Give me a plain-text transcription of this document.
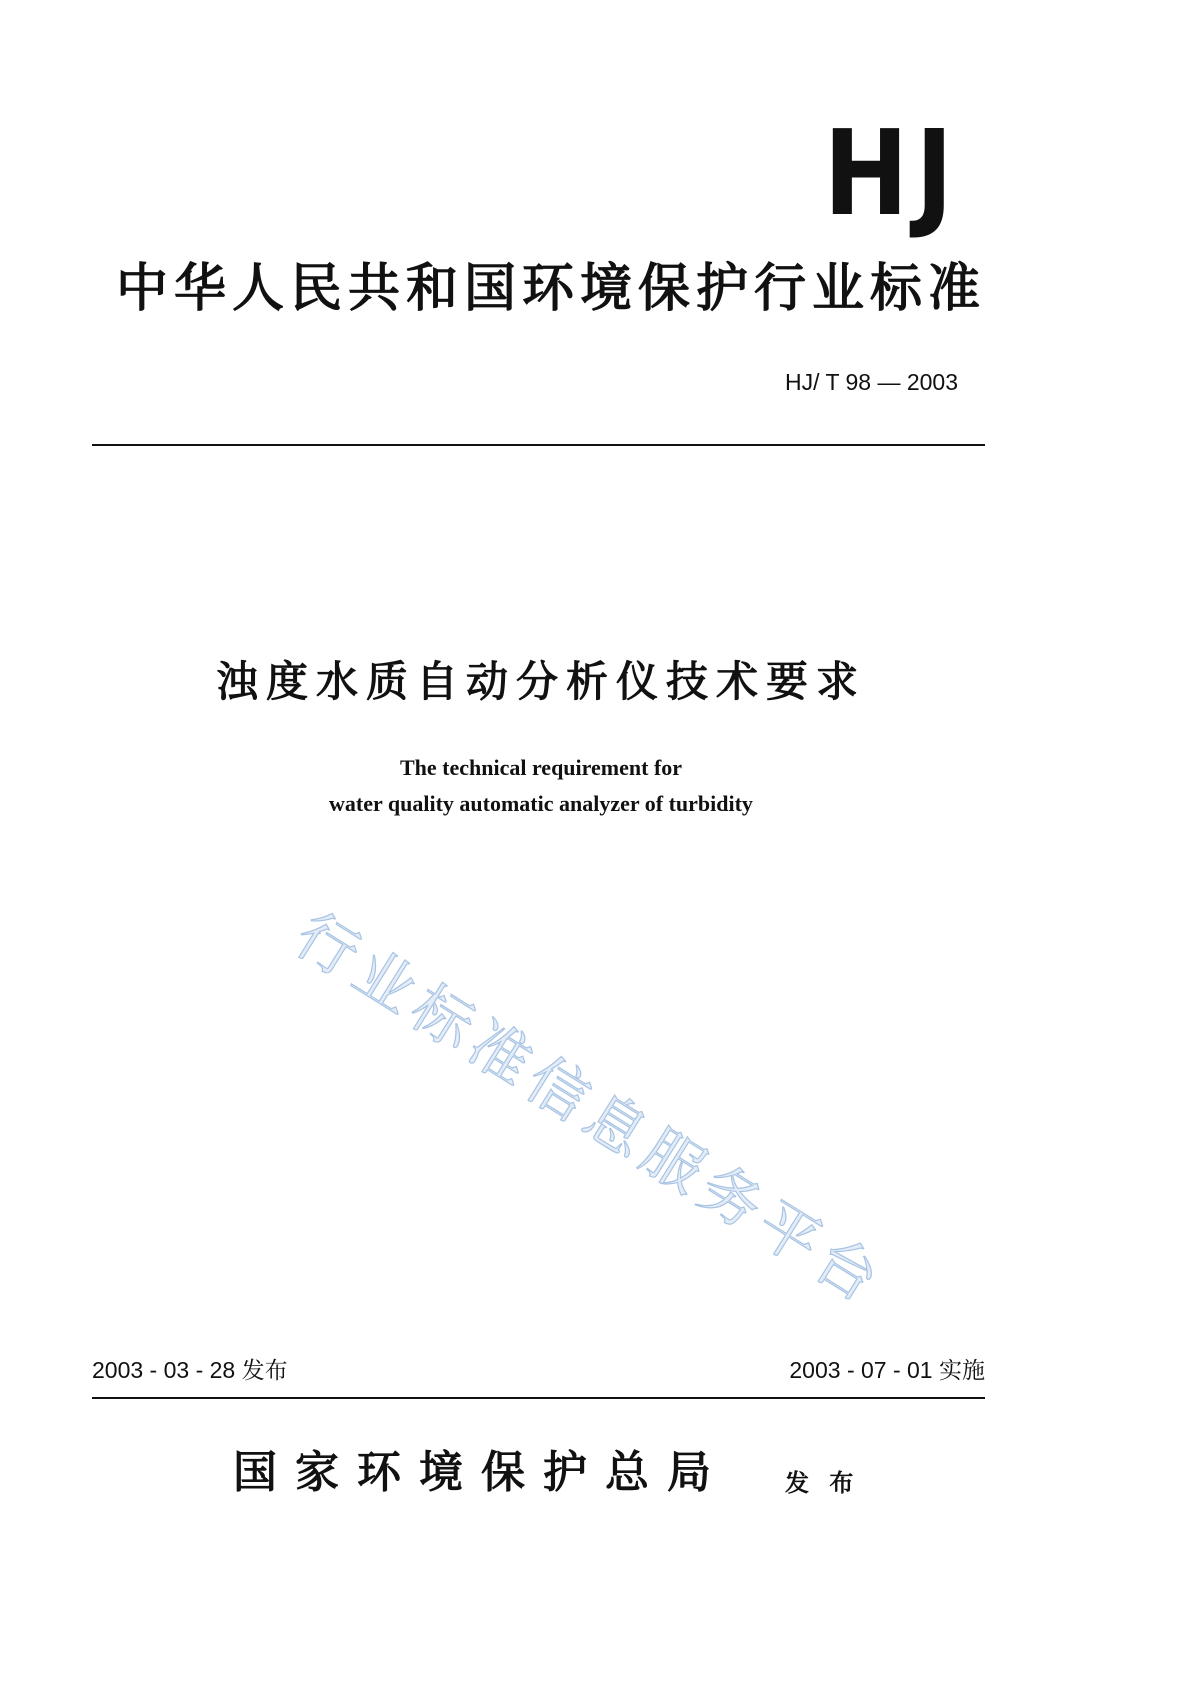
HJ
中华人民共和国环境保护行业标准
HJ/ T 98 — 2003
浊度水质自动分析仪技术要求
The technical requirement for
water quality automatic analyzer of turbidity
行业标准信息服务平台
2003 - 03 - 28 发布	2003 - 07 - 01 实施
国家环境保护总局 发 布
